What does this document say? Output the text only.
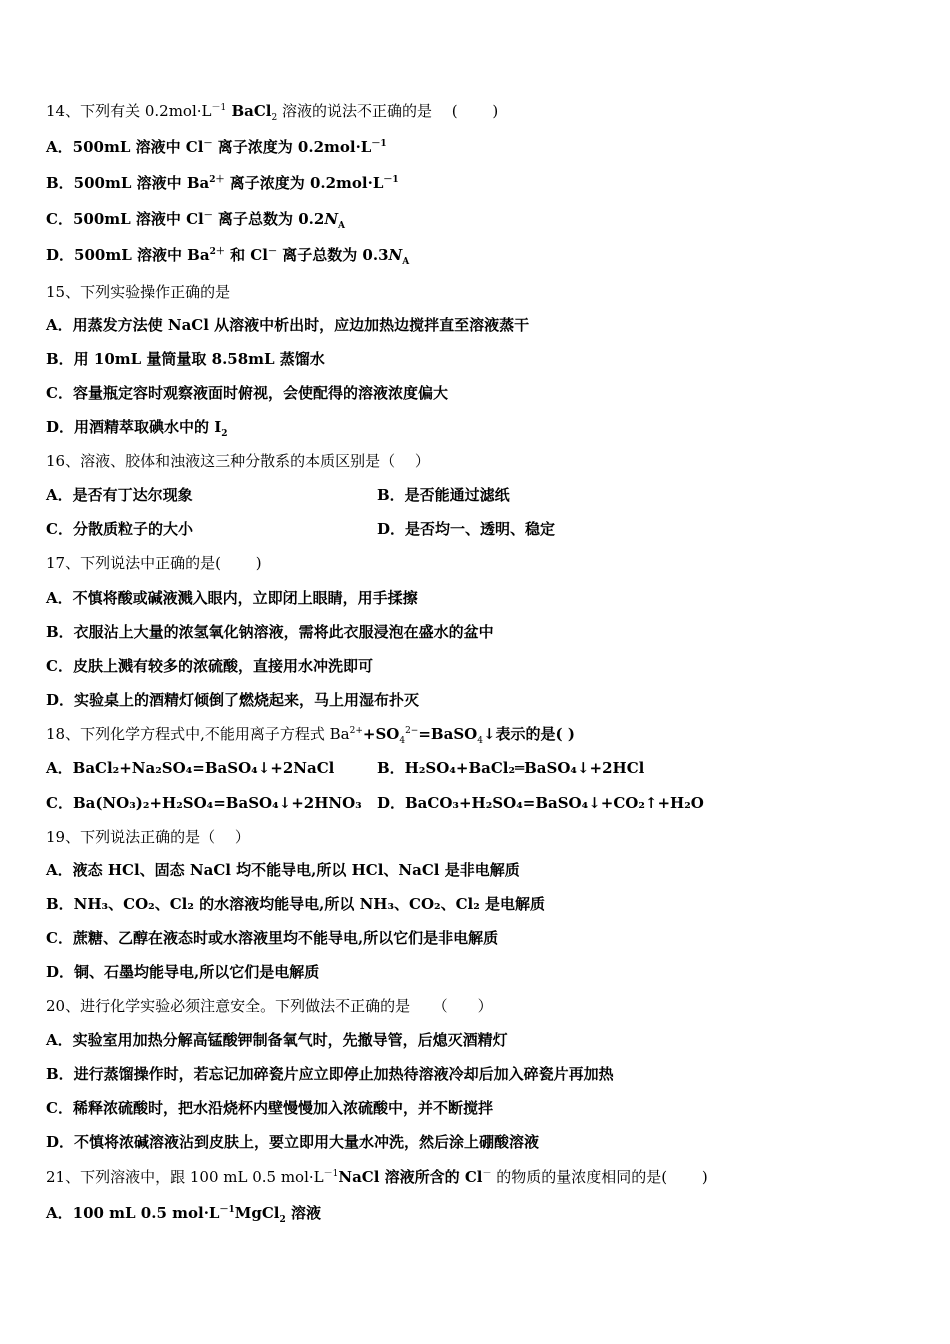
14、下列有关 $0.2mol\cdot L^{-1}$ BaCl$_2$ 溶液的说法不正确的是　 (　　 )
A．500mL 溶液中 Cl－ 离子浓度为 $0.2mol\cdot L^{-1}$
B．500mL 溶液中 $Ba^{2+}$ 离子浓度为 $0.2mol\cdot L^{-1}$
C．500mL 溶液中 Cl－ 离子总数为 $0.2N_A$
D．500mL 溶液中 $Ba^{2+}$ 和 Cl－ 离子总数为 $0.3N_A$
15、下列实验操作正确的是
A．用蒸发方法使 NaCl 从溶液中析出时，应边加热边搅拌直至溶液蒸干
B．用 10mL 量筒量取 8.58mL 蒸馏水
C．容量瓶定容时观察液面时俯视，会使配得的溶液浓度偏大
D．用酒精萃取碘水中的 $I_2$
16、溶液、胶体和浊液这三种分散系的本质区别是（　 ）
A．是否有丁达尔现象	B．是否能通过滤纸
C．分散质粒子的大小	D．是否均一、透明、稳定
17、下列说法中正确的是(　　 )
A．不慎将酸或碱液溅入眼内，立即闭上眼睛，用手揉擦
B．衣服沾上大量的浓氢氧化钠溶液，需将此衣服浸泡在盛水的盆中
C．皮肤上溅有较多的浓硫酸，直接用水冲洗即可
D．实验桌上的酒精灯倾倒了燃烧起来，马上用湿布扑灭
18、下列化学方程式中,不能用离子方程式 $Ba^{2+}+SO_4^{2-}=BaSO_4↓$表示的是( )
A．BaCl₂+Na₂SO₄=BaSO₄↓+2NaCl	B．H₂SO₄+BaCl₂═BaSO₄↓+2HCl
C．Ba(NO₃)₂+H₂SO₄=BaSO₄↓+2HNO₃ D．BaCO₃+H₂SO₄=BaSO₄↓+CO₂↑+H₂O
19、下列说法正确的是（　 ）
A．液态 HCl、固态 NaCl 均不能导电,所以 HCl、NaCl 是非电解质
B．NH₃、CO₂、Cl₂ 的水溶液均能导电,所以 NH₃、CO₂、Cl₂ 是电解质
C．蔗糖、乙醇在液态时或水溶液里均不能导电,所以它们是非电解质
D．铜、石墨均能导电,所以它们是电解质
20、进行化学实验必须注意安全。下列做法不正确的是　　（　　）
A．实验室用加热分解高锰酸钾制备氧气时，先撤导管，后熄灭酒精灯
B．进行蒸馏操作时，若忘记加碎瓷片应立即停止加热待溶液冷却后加入碎瓷片再加热
C．稀释浓硫酸时，把水沿烧杯内壁慢慢加入浓硫酸中，并不断搅拌
D．不慎将浓碱溶液沾到皮肤上，要立即用大量水冲洗，然后涂上硼酸溶液
21、下列溶液中，跟 100 mL 0.5 $mol\cdot L^{-1}NaCl$ 溶液所含的 Cl－ 的物质的量浓度相同的是(　　 )
A．100 mL 0.5 $mol\cdot L^{-1}MgCl_2$ 溶液
